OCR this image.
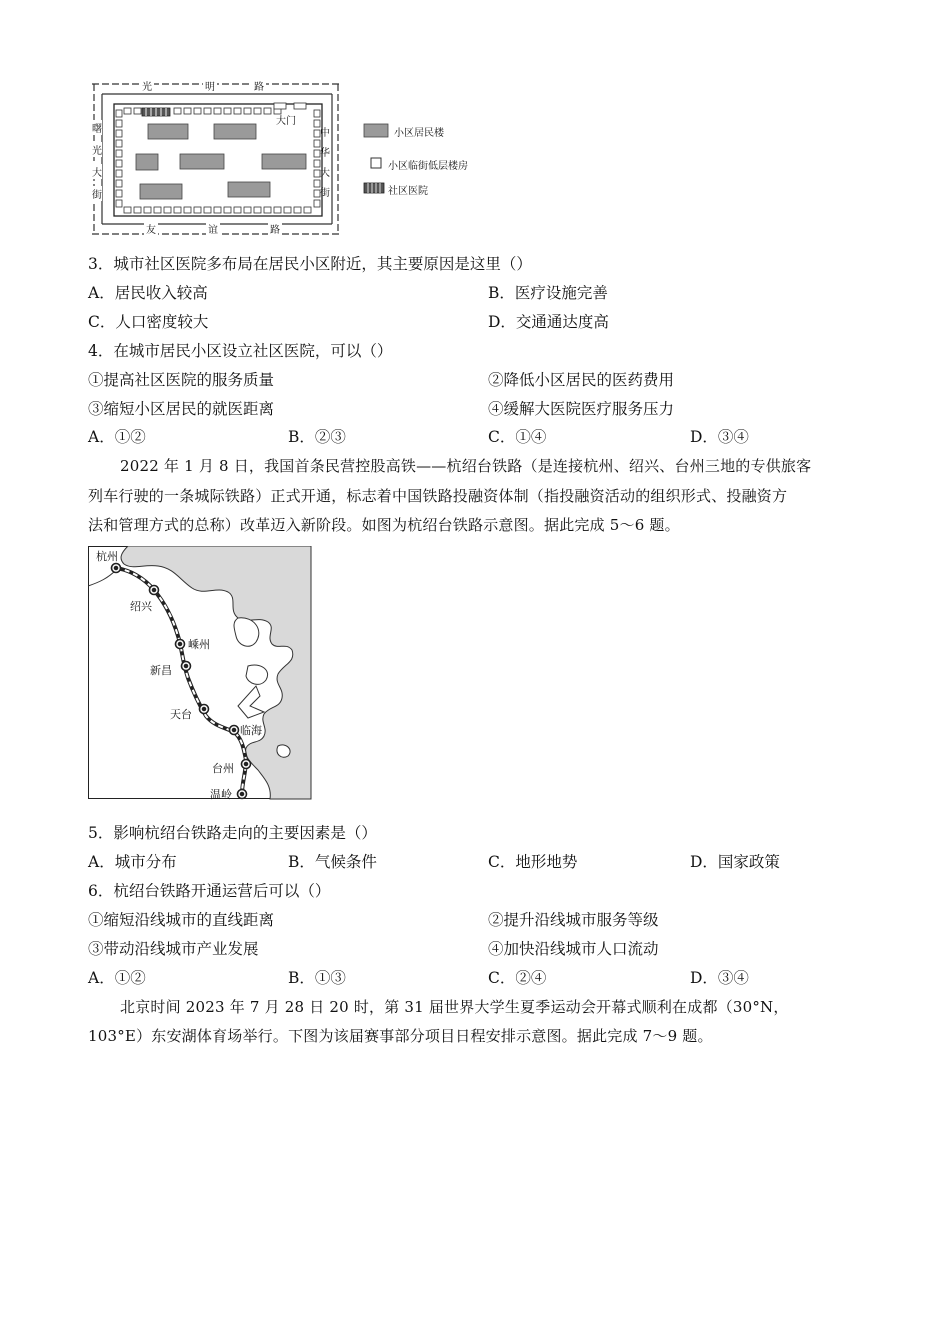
光	明	路
友	谊	路
曙
光
大
街
中
华
大
街
大门
小区居民楼
小区临街低层楼房
社区医院
3．城市社区医院多布局在居民小区附近，其主要原因是这里（）
A．居民收入较高	B．医疗设施完善
C．人口密度较大	D．交通通达度高
4．在城市居民小区设立社区医院，可以（）
①提高社区医院的服务质量	②降低小区居民的医药费用
③缩短小区居民的就医距离	④缓解大医院医疗服务压力
A．①②	B．②③	C．①④	D．③④
2022 年 1 月 8 日，我国首条民营控股高铁——杭绍台铁路（是连接杭州、绍兴、台州三地的专供旅客
列车行驶的一条城际铁路）正式开通，标志着中国铁路投融资体制（指投融资活动的组织形式、投融资方
法和管理方式的总称）改革迈入新阶段。如图为杭绍台铁路示意图。据此完成 5～6 题。
杭州
绍兴
嵊州
新昌
天台
临海
台州
温岭
5．影响杭绍台铁路走向的主要因素是（）
A．城市分布	B．气候条件	C．地形地势	D．国家政策
6．杭绍台铁路开通运营后可以（）
①缩短沿线城市的直线距离	②提升沿线城市服务等级
③带动沿线城市产业发展	④加快沿线城市人口流动
A．①②	B．①③	C．②④	D．③④
北京时间 2023 年 7 月 28 日 20 时，第 31 届世界大学生夏季运动会开幕式顺利在成都（30°N，
103°E）东安湖体育场举行。下图为该届赛事部分项目日程安排示意图。据此完成 7～9 题。
